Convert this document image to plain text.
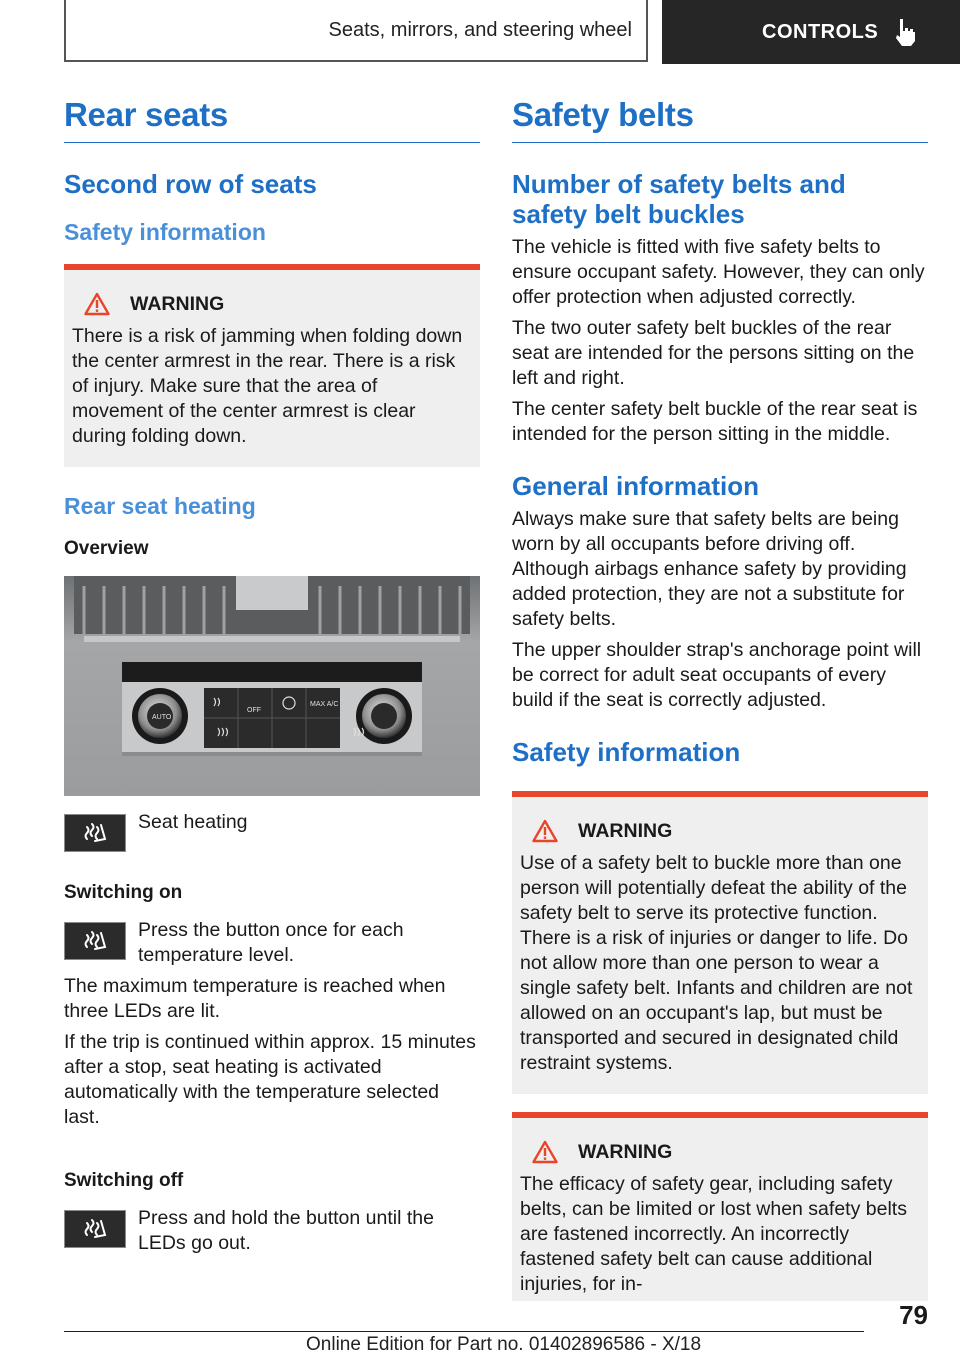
Seats, mirrors, and steering wheel	CONTROLS
Rear seats
Second row of seats
Safety information
WARNING

There is a risk of jamming when folding down the center armrest in the rear. There is a risk of injury. Make sure that the area of movement of the center armrest is clear during folding down.

Rear seat heating
Overview
AUTO
OFF
MAX A/C

Seat heating

Switching on

Press the button once for each temperature level.

The maximum temperature is reached when three LEDs are lit.

If the trip is continued within approx. 15 minutes after a stop, seat heating is activated automatically with the temperature selected last.

Switching off

Press and hold the button until the LEDs go out.

Safety belts
Number of safety belts and safety belt buckles

The vehicle is fitted with five safety belts to ensure occupant safety. However, they can only offer protection when adjusted correctly.

The two outer safety belt buckles of the rear seat are intended for the persons sitting on the left and right.

The center safety belt buckle of the rear seat is intended for the person sitting in the middle.

General information

Always make sure that safety belts are being worn by all occupants before driving off. Although airbags enhance safety by providing added protection, they are not a substitute for safety belts.

The upper shoulder strap's anchorage point will be correct for adult seat occupants of every build if the seat is correctly adjusted.

Safety information
WARNING

Use of a safety belt to buckle more than one person will potentially defeat the ability of the safety belt to serve its protective function. There is a risk of injuries or danger to life. Do not allow more than one person to wear a single safety belt. Infants and children are not allowed on an occupant's lap, but must be transported and secured in designated child restraint systems.

WARNING

The efficacy of safety gear, including safety belts, can be limited or lost when safety belts are fastened incorrectly. An incorrectly fastened safety belt can cause additional injuries, for in-

79
Online Edition for Part no. 01402896586 - X/18
